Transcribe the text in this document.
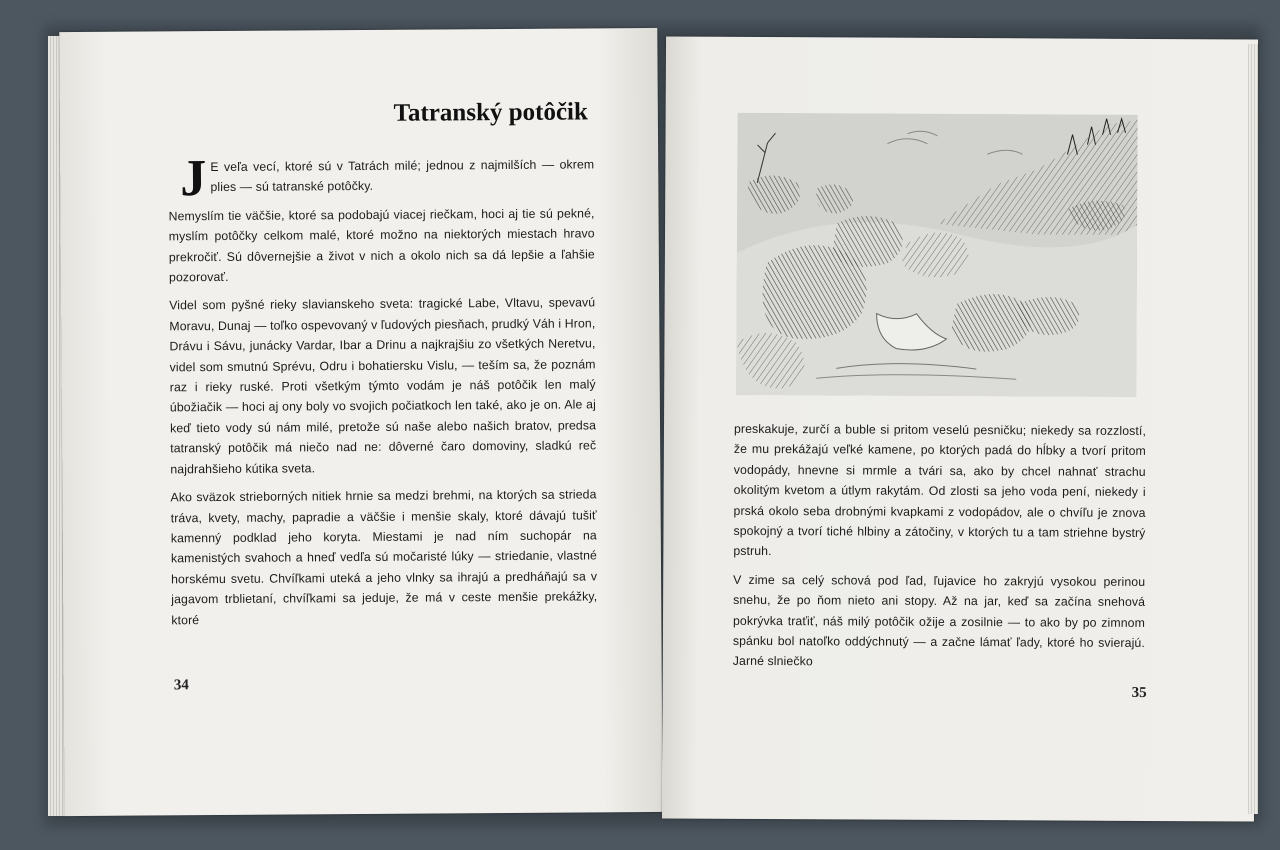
Tatranský potôčik

J E veľa vecí, ktoré sú v Tatrách milé; jednou z najmilších — okrem plies — sú tatranské potôčky.

Nemyslím tie väčšie, ktoré sa podobajú viacej riečkam, hoci aj tie sú pekné, myslím potôčky celkom malé, ktoré možno na niektorých miestach hravo prekročiť. Sú dôvernejšie a život v nich a okolo nich sa dá lepšie a ľahšie pozorovať.

Videl som pyšné rieky slavianskeho sveta: tragické Labe, Vltavu, spevavú Moravu, Dunaj — toľko ospevovaný v ľudových piesňach, prudký Váh i Hron, Drávu i Sávu, junácky Vardar, Ibar a Drinu a najkrajšiu zo všetkých Neretvu, videl som smutnú Sprévu, Odru i bohatiersku Vislu, — teším sa, že poznám raz i rieky ruské. Proti všetkým týmto vodám je náš potôčik len malý úbožiačik — hoci aj ony boly vo svojich počiatkoch len také, ako je on. Ale aj keď tieto vody sú nám milé, pretože sú naše alebo našich bratov, predsa tatranský potôčik má niečo nad ne: dôverné čaro domoviny, sladkú reč najdrahšieho kútika sveta.

Ako sväzok strieborných nitiek hrnie sa medzi brehmi, na ktorých sa strieda tráva, kvety, machy, papradie a väčšie i menšie skaly, ktoré dávajú tušiť kamenný podklad jeho koryta. Miestami je nad ním suchopár na kamenistých svahoch a hneď vedľa sú močaristé lúky — striedanie, vlastné horskému svetu. Chvíľkami uteká a jeho vlnky sa ihrajú a predháňajú sa v jagavom trblietaní, chvíľkami sa jeduje, že má v ceste menšie prekážky, ktoré

34

preskakuje, zurčí a buble si pritom veselú pesničku; niekedy sa rozzlostí, že mu prekážajú veľké kamene, po ktorých padá do hĺbky a tvorí pritom vodopády, hnevne si mrmle a tvári sa, ako by chcel nahnať strachu okolitým kvetom a útlym rakytám. Od zlosti sa jeho voda pení, niekedy i prská okolo seba drobnými kvapkami z vodopádov, ale o chvíľu je znova spokojný a tvorí tiché hlbiny a zátočiny, v ktorých tu a tam striehne bystrý pstruh.

V zime sa celý schová pod ľad, ľujavice ho zakryjú vysokou perinou snehu, že po ňom nieto ani stopy. Až na jar, keď sa začína snehová pokrývka traťiť, náš milý potôčik ožije a zosilnie — to ako by po zimnom spánku bol natoľko oddýchnutý — a začne lámať ľady, ktoré ho svierajú. Jarné slniečko

35
